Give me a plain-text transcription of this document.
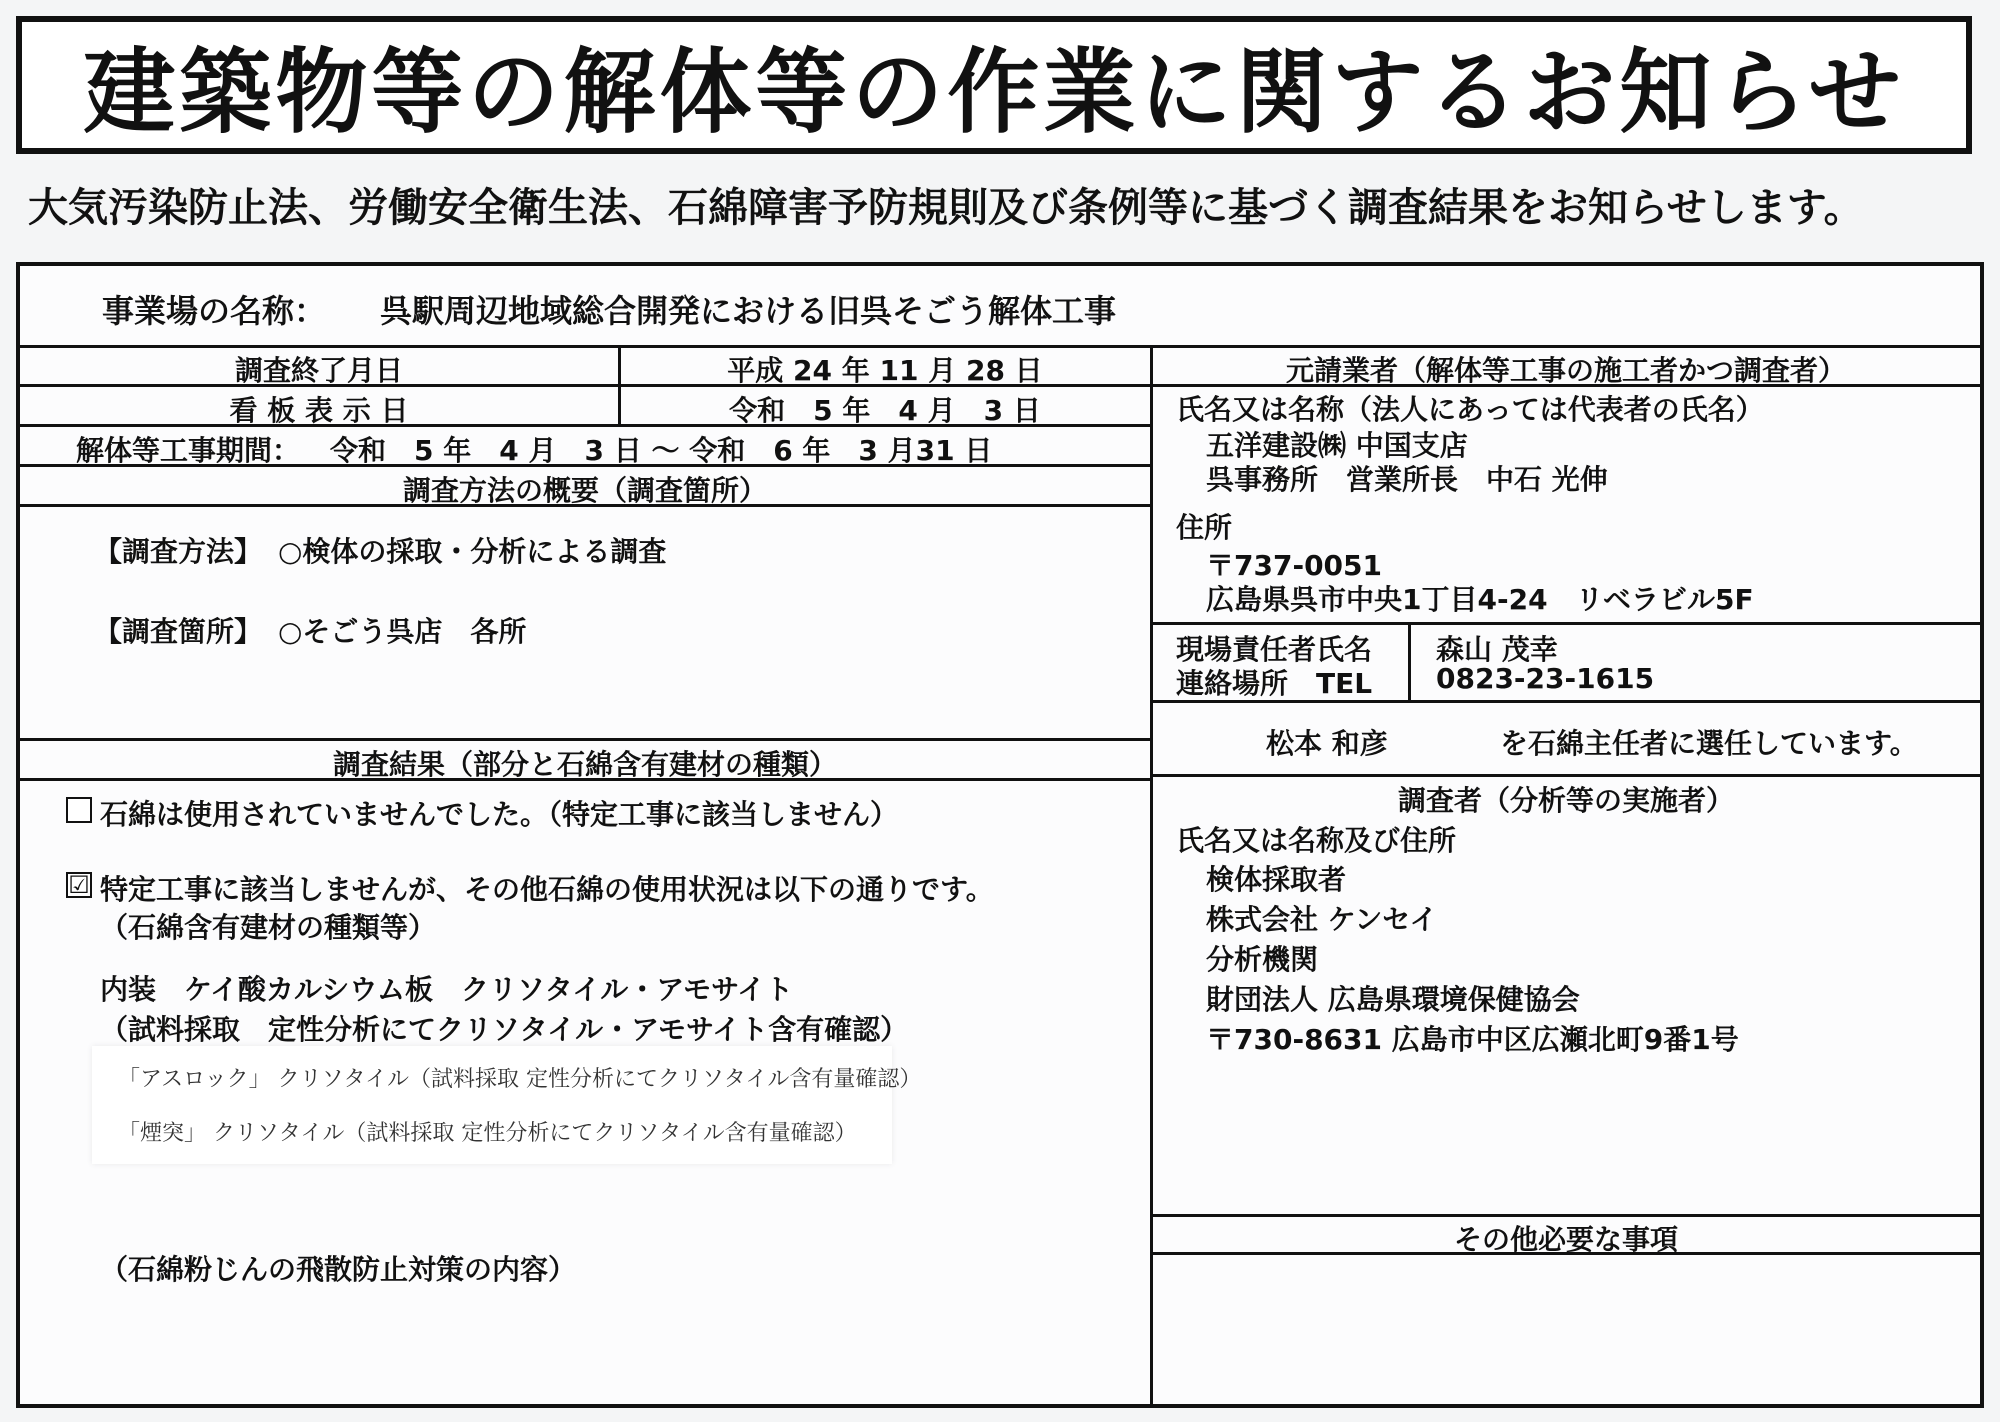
建築物等の解体等の作業に関するお知らせ
大気汚染防止法、労働安全衛生法、石綿障害予防規則及び条例等に基づく調査結果をお知らせします。
事業場の名称： 呉駅周辺地域総合開発における旧呉そごう解体工事
調査終了月日	平成 24 年 11 月 28 日
看 板 表 示 日	令和　5 年　4 月　3 日
解体等工事期間： 令和　5 年　4 月　3 日 〜 令和　6 年　3 月31 日
調査方法の概要（調査箇所）
【調査方法】 ○検体の採取・分析による調査
【調査箇所】 ○そごう呉店　各所
調査結果（部分と石綿含有建材の種類）
石綿は使用されていませんでした。（特定工事に該当しません）
☑ 特定工事に該当しませんが、その他石綿の使用状況は以下の通りです。
（石綿含有建材の種類等）
内装　ケイ酸カルシウム板　クリソタイル・アモサイト
（試料採取　定性分析にてクリソタイル・アモサイト含有確認）
（石綿粉じんの飛散防止対策の内容）
元請業者（解体等工事の施工者かつ調査者）
氏名又は名称（法人にあっては代表者の氏名）
五洋建設㈱ 中国支店
呉事務所　営業所長　中石 光伸
住所
〒737-0051
広島県呉市中央1丁目4-24　リベラビル5F
現場責任者氏名 森山 茂幸
連絡場所　TEL 0823-23-1615
松本 和彦	を石綿主任者に選任しています。
調査者（分析等の実施者）
氏名又は名称及び住所
検体採取者
株式会社 ケンセイ
分析機関
財団法人 広島県環境保健協会
〒730-8631 広島市中区広瀬北町9番1号
その他必要な事項
「アスロック」 クリソタイル（試料採取 定性分析にてクリソタイル含有量確認）
「煙突」 クリソタイル（試料採取 定性分析にてクリソタイル含有量確認）
